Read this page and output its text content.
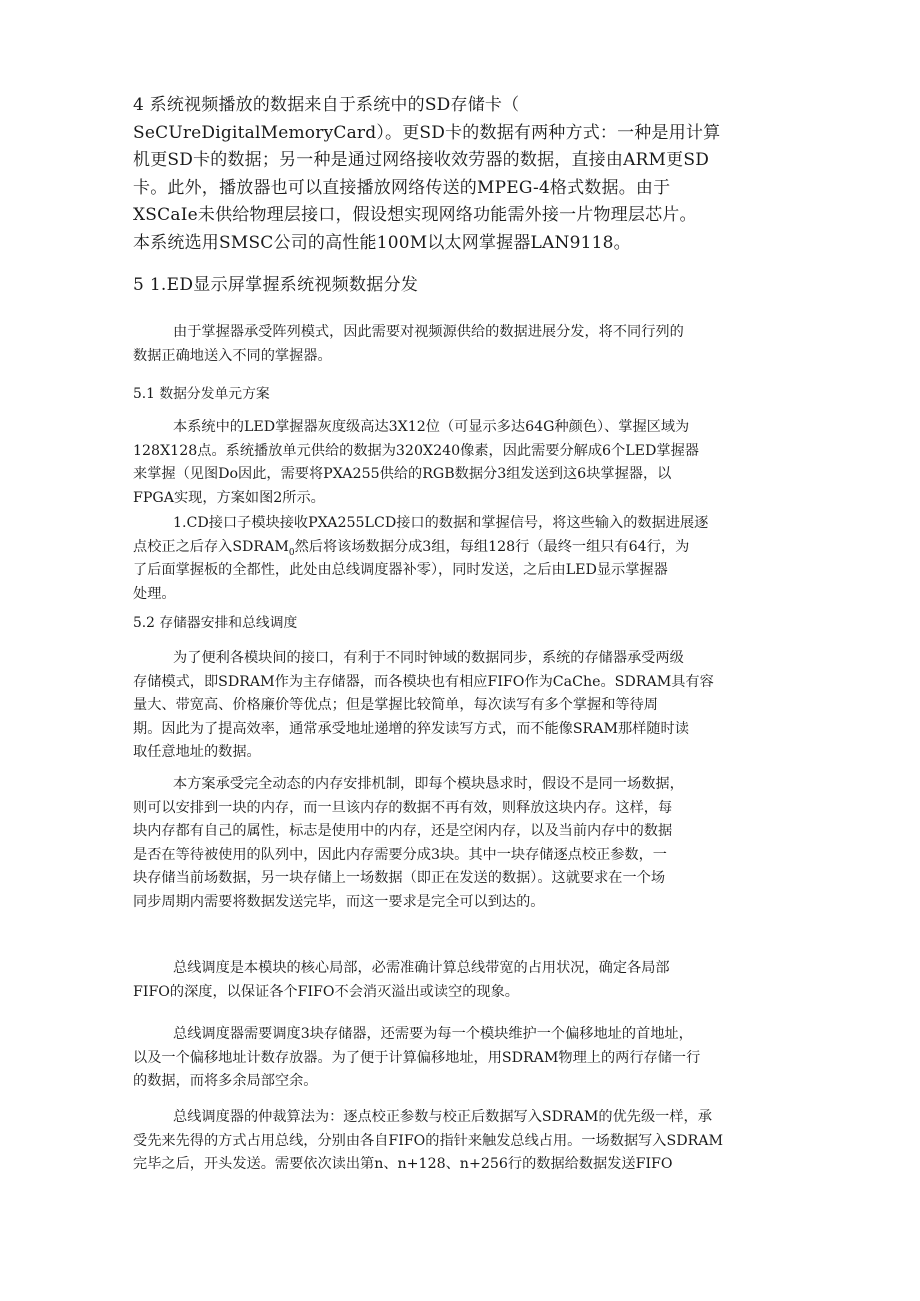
4 系统视频播放的数据来自于系统中的SD存储卡（
SeCUreDigitalMemoryCard）。更SD卡的数据有两种方式：一种是用计算
机更SD卡的数据；另一种是通过网络接收效劳器的数据，直接由ARM更SD
卡。此外，播放器也可以直接播放网络传送的MPEG-4格式数据。由于
XSCaIe未供给物理层接口，假设想实现网络功能需外接一片物理层芯片。
本系统选用SMSC公司的高性能100M以太网掌握器LAN9118。
5 1.ED显示屏掌握系统视频数据分发
由于掌握器承受阵列模式，因此需要对视频源供给的数据进展分发，将不同行列的
数据正确地送入不同的掌握器。
5.1 数据分发单元方案
本系统中的LED掌握器灰度级高达3X12位（可显示多达64G种颜色）、掌握区域为
128X128点。系统播放单元供给的数据为320X240像素，因此需要分解成6个LED掌握器
来掌握（见图Do因此，需要将PXA255供给的RGB数据分3组发送到这6块掌握器，以
FPGA实现，方案如图2所示。
1.CD接口子模块接收PXA255LCD接口的数据和掌握信号，将这些输入的数据进展逐
点校正之后存入$SDRAM_0$然后将该场数据分成3组，每组128行（最终一组只有64行，为
了后面掌握板的全都性，此处由总线调度器补零），同时发送，之后由LED显示掌握器
处理。
5.2 存储器安排和总线调度
为了便利各模块间的接口，有利于不同时钟域的数据同步，系统的存储器承受两级
存储模式，即SDRAM作为主存储器，而各模块也有相应FIFO作为CaChe。SDRAM具有容
量大、带宽高、价格廉价等优点；但是掌握比较简单，每次读写有多个掌握和等待周
期。因此为了提高效率，通常承受地址递增的猝发读写方式，而不能像SRAM那样随时读
取任意地址的数据。
本方案承受完全动态的内存安排机制，即每个模块恳求时，假设不是同一场数据，
则可以安排到一块的内存，而一旦该内存的数据不再有效，则释放这块内存。这样，每
块内存都有自己的属性，标志是使用中的内存，还是空闲内存，以及当前内存中的数据
是否在等待被使用的队列中，因此内存需要分成3块。其中一块存储逐点校正参数，一
块存储当前场数据，另一块存储上一场数据（即正在发送的数据）。这就要求在一个场
同步周期内需要将数据发送完毕，而这一要求是完全可以到达的。
总线调度是本模块的核心局部，必需准确计算总线带宽的占用状况，确定各局部
FIFO的深度，以保证各个FIFO不会消灭溢出或读空的现象。
总线调度器需要调度3块存储器，还需要为每一个模块维护一个偏移地址的首地址，
以及一个偏移地址计数存放器。为了便于计算偏移地址，用SDRAM物理上的两行存储一行
的数据，而将多余局部空余。
总线调度器的仲裁算法为：逐点校正参数与校正后数据写入SDRAM的优先级一样，承
受先来先得的方式占用总线，分别由各自FIFO的指针来触发总线占用。一场数据写入SDRAM
完毕之后，开头发送。需要依次读出第n、n+128、n+256行的数据给数据发送FIFO
